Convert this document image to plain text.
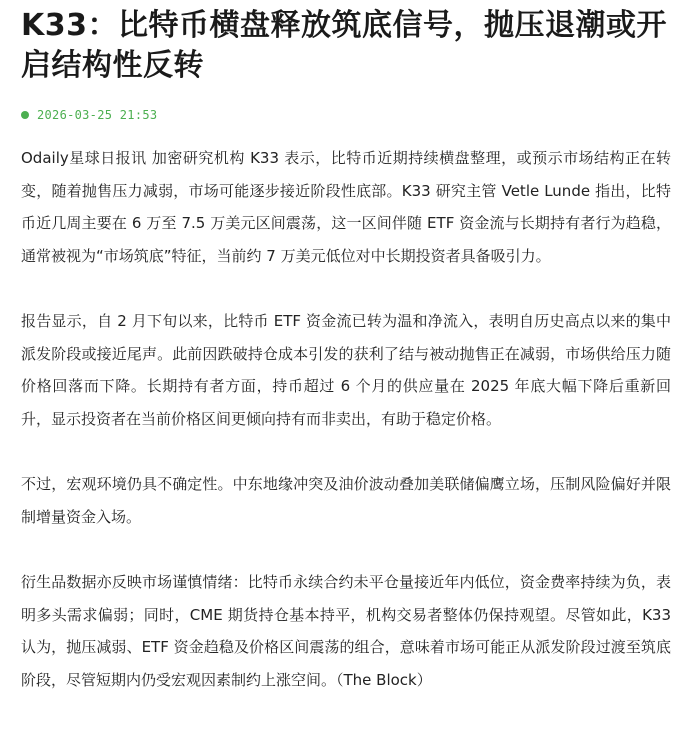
K33：比特币横盘释放筑底信号，抛压退潮或开启结构性反转
2026-03-25 21:53

Odaily星球日报讯 加密研究机构 K33 表示，比特币近期持续横盘整理，或预示市场结构正在转变，随着抛售压力减弱，市场可能逐步接近阶段性底部。K33 研究主管 Vetle Lunde 指出，比特币近几周主要在 6 万至 7.5 万美元区间震荡，这一区间伴随 ETF 资金流与长期持有者行为趋稳，通常被视为“市场筑底”特征，当前约 7 万美元低位对中长期投资者具备吸引力。

报告显示，自 2 月下旬以来，比特币 ETF 资金流已转为温和净流入，表明自历史高点以来的集中派发阶段或接近尾声。此前因跌破持仓成本引发的获利了结与被动抛售正在减弱，市场供给压力随价格回落而下降。长期持有者方面，持币超过 6 个月的供应量在 2025 年底大幅下降后重新回升，显示投资者在当前价格区间更倾向持有而非卖出，有助于稳定价格。

不过，宏观环境仍具不确定性。中东地缘冲突及油价波动叠加美联储偏鹰立场，压制风险偏好并限制增量资金入场。

衍生品数据亦反映市场谨慎情绪：比特币永续合约未平仓量接近年内低位，资金费率持续为负，表明多头需求偏弱；同时，CME 期货持仓基本持平，机构交易者整体仍保持观望。尽管如此，K33 认为，抛压减弱、ETF 资金趋稳及价格区间震荡的组合，意味着市场可能正从派发阶段过渡至筑底阶段，尽管短期内仍受宏观因素制约上涨空间。（The Block）
